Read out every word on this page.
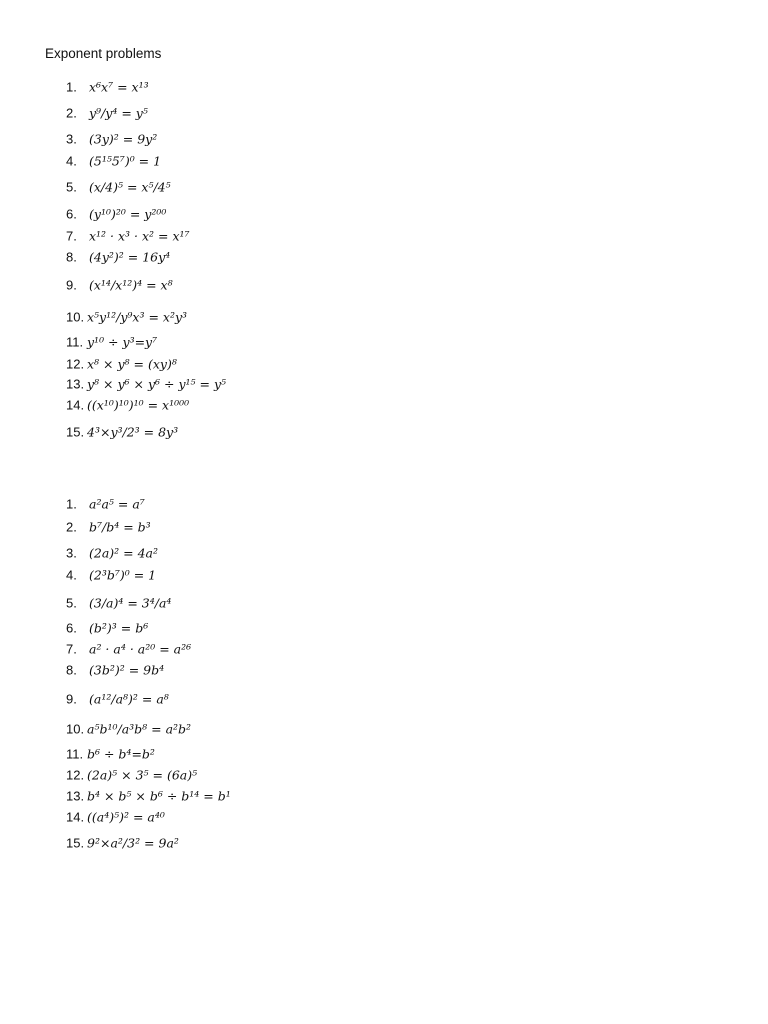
Exponent problems
1. x⁶x⁷ = x¹³
2. y⁹/y⁴ = y⁵
3. (3y)² = 9y²
4. (5¹⁵5⁷)⁰ = 1
5. (x/4)⁵ = x⁵/4⁵
6. (y¹⁰)²⁰ = y²⁰⁰
7. x¹² · x³ · x² = x¹⁷
8. (4y²)² = 16y⁴
9. (x¹⁴/x¹²)⁴ = x⁸
10. x⁵y¹²/y⁹x³ = x²y³
11. y¹⁰ ÷ y³=y⁷
12. x⁸ × y⁸ = (xy)⁸
13. y⁸ × y⁶ × y⁶ ÷ y¹⁵ = y⁵
14. ((x¹⁰)¹⁰)¹⁰ = x¹⁰⁰⁰
15. 4³×y³/2³ = 8y³
1. a²a⁵ = a⁷
2. b⁷/b⁴ = b³
3. (2a)² = 4a²
4. (2³b⁷)⁰ = 1
5. (3/a)⁴ = 3⁴/a⁴
6. (b²)³ = b⁶
7. a² · a⁴ · a²⁰ = a²⁶
8. (3b²)² = 9b⁴
9. (a¹²/a⁸)² = a⁸
10. a⁵b¹⁰/a³b⁸ = a²b²
11. b⁶ ÷ b⁴=b²
12. (2a)⁵ × 3⁵ = (6a)⁵
13. b⁴ × b⁵ × b⁶ ÷ b¹⁴ = b¹
14. ((a⁴)⁵)² = a⁴⁰
15. 9²×a²/3² = 9a²
